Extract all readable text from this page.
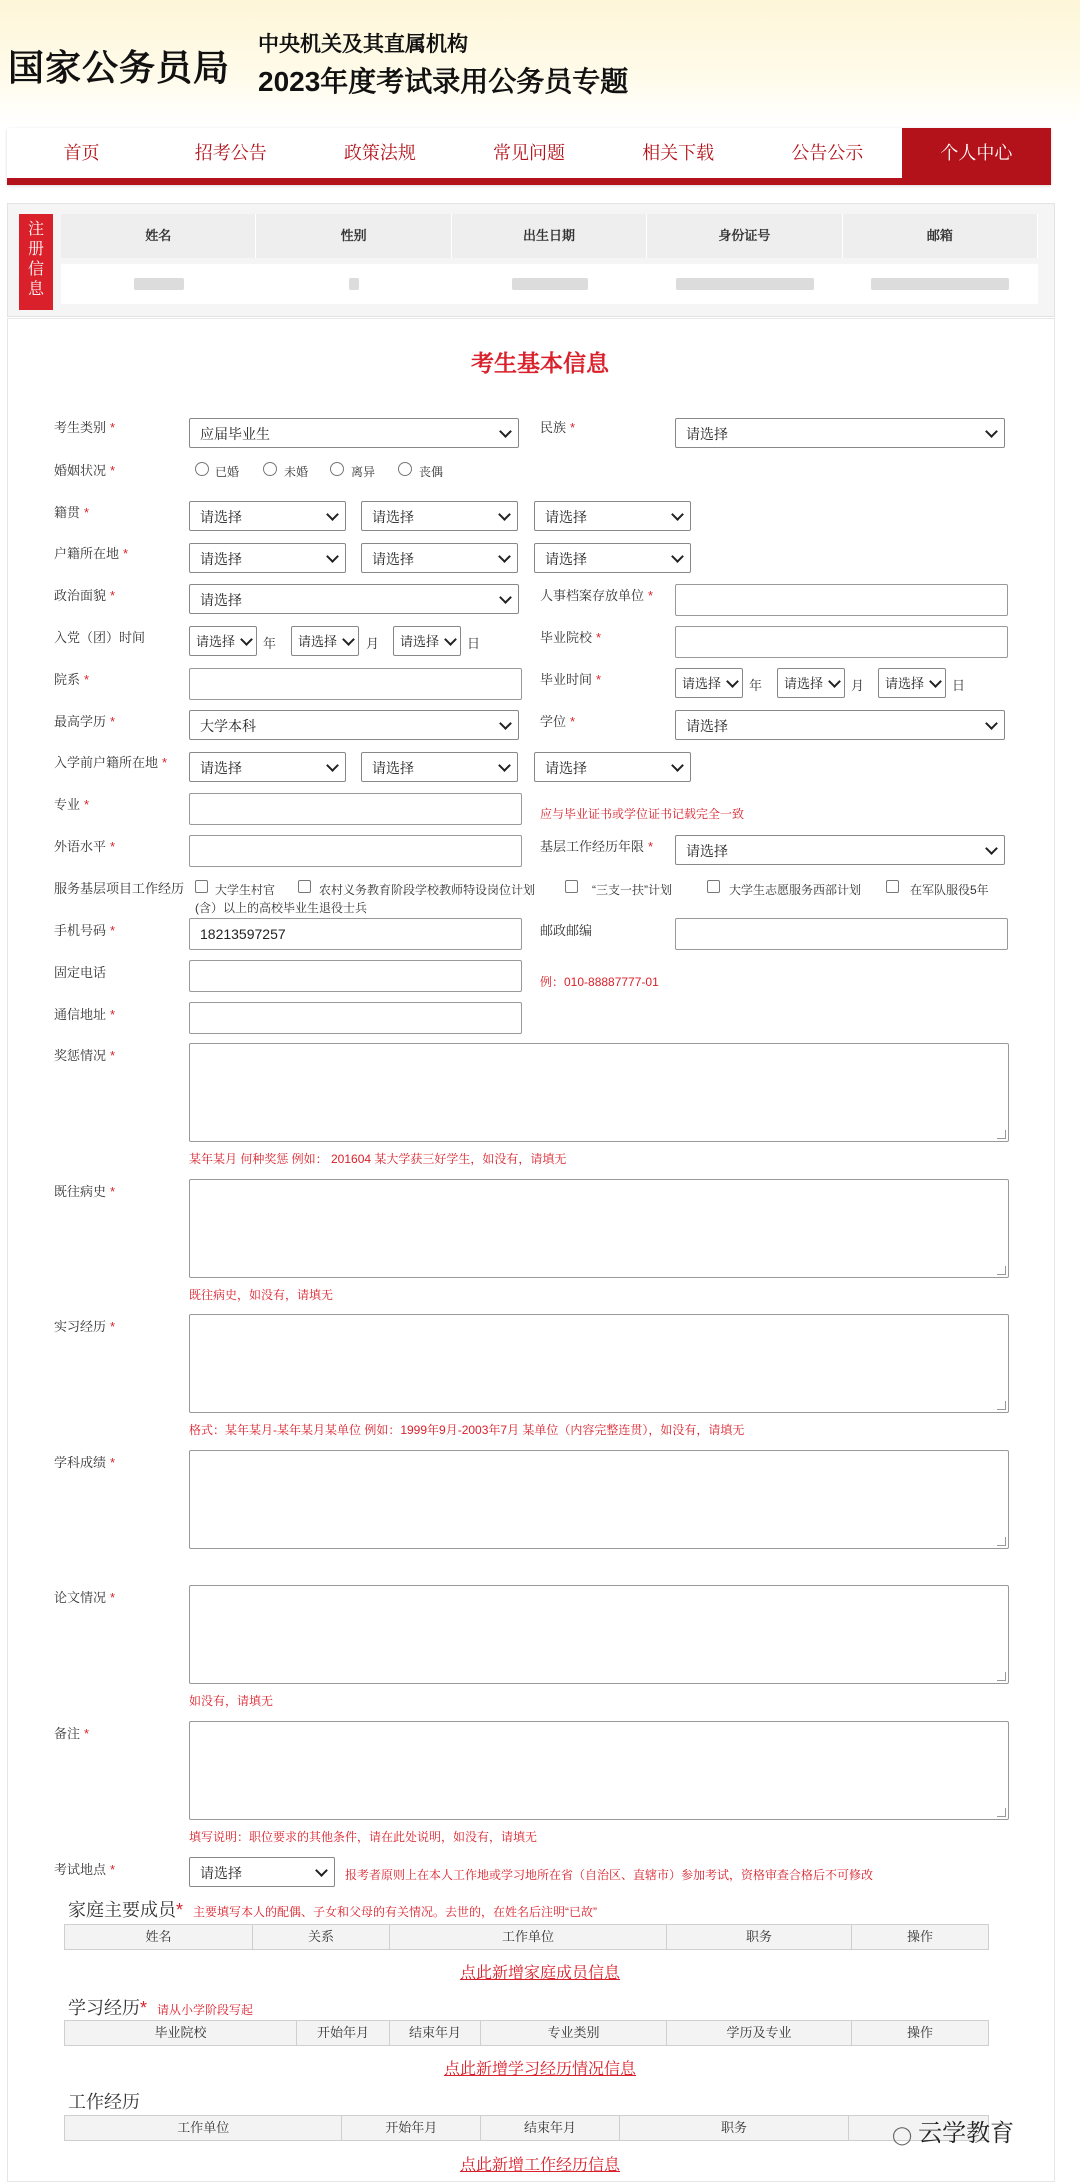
国家公务员局
中央机关及其直属机构
2023年度考试录用公务员专题
首页	招考公告	政策法规	常见问题	相关下载	公告公示	个人中心
注
册
信
息
姓名	性别	出生日期	身份证号	邮箱
考生基本信息
考生类别 *	应届毕业生	民族 *	请选择
婚姻状况 *	已婚	未婚	离异	丧偶
籍贯 *	请选择	请选择	请选择
户籍所在地 *	请选择	请选择	请选择
政治面貌 *	请选择	人事档案存放单位 *
入党（团）时间	请选择	年	请选择	月	请选择	日	毕业院校 *
院系 *	毕业时间 *	请选择	年	请选择	月	请选择	日
最高学历 *	大学本科	学位 *	请选择
入学前户籍所在地 *	请选择	请选择	请选择
专业 *
应与毕业证书或学位证书记载完全一致
外语水平 *	基层工作经历年限 *	请选择
服务基层项目工作经历	大学生村官	农村义务教育阶段学校教师特设岗位计划	“三支一扶”计划	大学生志愿服务西部计划	在军队服役5年
(含）以上的高校毕业生退役士兵
手机号码 *	18213597257	邮政邮编
固定电话
例：010-88887777-01
通信地址 *
奖惩情况 *
某年某月 何种奖惩 例如： 201604 某大学获三好学生，如没有，请填无
既往病史 *
既往病史，如没有，请填无
实习经历 *
格式：某年某月-某年某月某单位 例如：1999年9月-2003年7月 某单位（内容完整连贯），如没有，请填无
学科成绩 *
论文情况 *
如没有，请填无
备注 *
填写说明：职位要求的其他条件，请在此处说明，如没有，请填无
考试地点 *	请选择	报考者原则上在本人工作地或学习地所在省（自治区、直辖市）参加考试，资格审查合格后不可修改
家庭主要成员* 主要填写本人的配偶、子女和父母的有关情况。去世的，在姓名后注明“已故”
姓名	关系	工作单位	职务	操作
点此新增家庭成员信息
学习经历* 请从小学阶段写起
毕业院校	开始年月	结束年月	专业类别	学历及专业	操作
点此新增学习经历情况信息
工作经历
工作单位	开始年月	结束年月	职务
点此新增工作经历信息
◯ 云学教育
